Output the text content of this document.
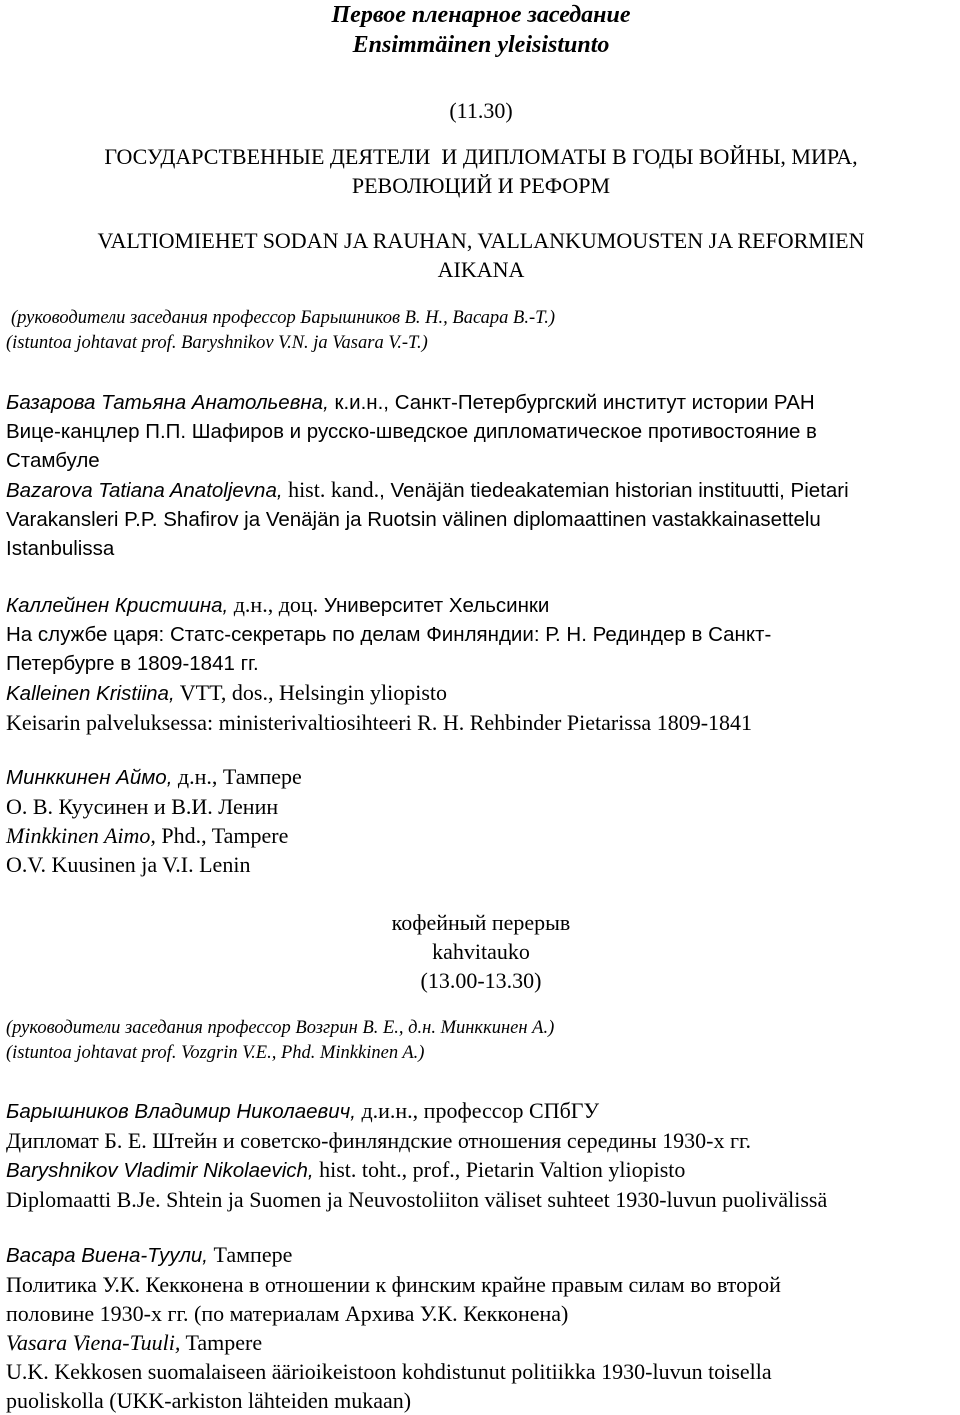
Первое пленарное заседание

Ensimmäinen yleisistunto

(11.30)

ГОСУДАРСТВЕННЫЕ ДЕЯТЕЛИ  И ДИПЛОМАТЫ В ГОДЫ ВОЙНЫ, МИРА,

РЕВОЛЮЦИЙ И РЕФОРМ

VALTIOMIEHET SODAN JA RAUHAN, VALLANKUMOUSTEN JA REFORMIEN

AIKANA

(руководители заседания профессор Барышников В. Н., Васара В.-Т.)

(istuntoa johtavat prof. Baryshnikov V.N. ja Vasara V.-T.)

Базарова Татьяна Анатольевна, к.и.н., Санкт-Петербургский институт истории РАН

Вице-канцлер П.П. Шафиров и русско-шведское дипломатическое противостояние в

Стамбуле

Bazarova Tatiana Anatoljevna, hist. kand., Venäjän tiedeakatemian historian instituutti, Pietari

Varakansleri P.P. Shafirov ja Venäjän ja Ruotsin välinen diplomaattinen vastakkainasettelu

Istanbulissa

Каллейнен Кристиина, д.н., доц. Университет Хельсинки

На службе царя: Статс-секретарь по делам Финляндии: Р. Н. Рединдер в Санкт-

Петербурге в 1809-1841 гг.

Kalleinen Kristiina, VTT, dos., Helsingin yliopisto

Keisarin palveluksessa: ministerivaltiosihteeri R. H. Rehbinder Pietarissa 1809-1841

Минккинен Аймо, д.н., Тампере

О. В. Куусинен и В.И. Ленин

Minkkinen Aimo, Phd., Tampere

O.V. Kuusinen ja V.I. Lenin

кофейный перерыв

kahvitauko

(13.00-13.30)

(руководители заседания профессор Возгрин В. Е., д.н. Минккинен А.)

(istuntoa johtavat prof. Vozgrin V.E., Phd. Minkkinen A.)

Барышников Владимир Николаевич, д.и.н., профессор СПбГУ

Дипломат Б. Е. Штейн и советско-финляндские отношения середины 1930-х гг.

Baryshnikov Vladimir Nikolaevich, hist. toht., prof., Pietarin Valtion yliopisto

Diplomaatti B.Je. Shtein ja Suomen ja Neuvostoliiton väliset suhteet 1930-luvun puolivälissä

Васара Виена-Туули, Тампере

Политика У.К. Кекконена в отношении к финским крайне правым силам во второй

половине 1930-х гг. (по материалам Архива У.К. Кекконена)

Vasara Viena-Tuuli, Tampere

U.K. Kekkosen suomalaiseen äärioikeistoon kohdistunut politiikka 1930-luvun toisella

puoliskolla (UKK-arkiston lähteiden mukaan)
